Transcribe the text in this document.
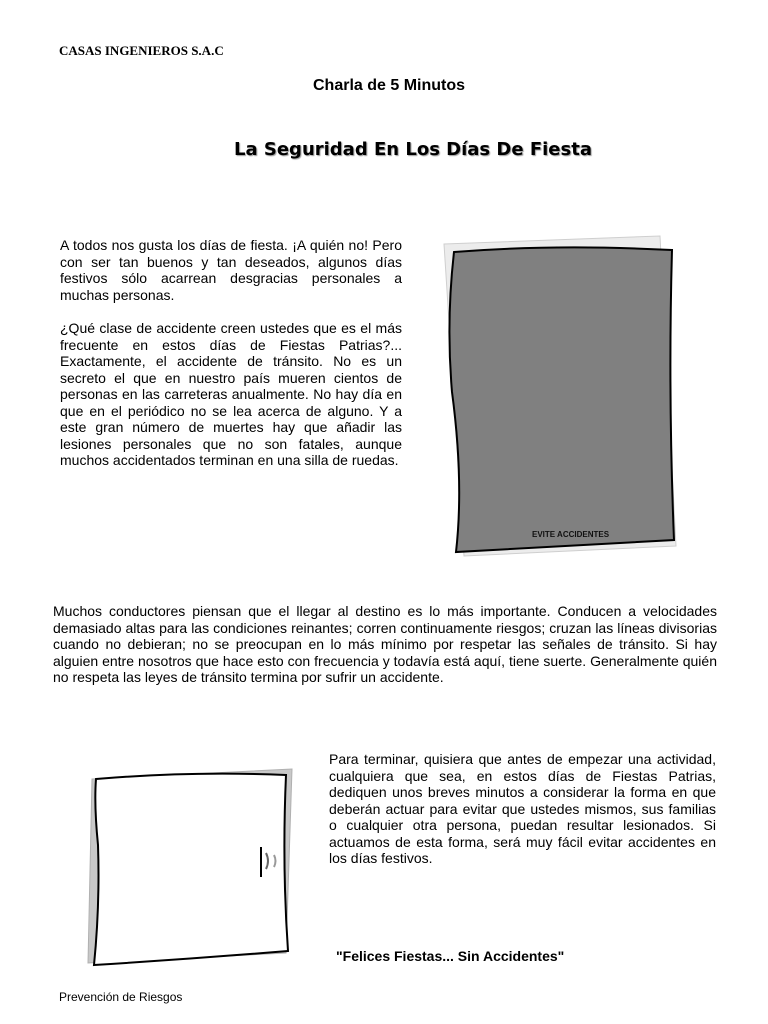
CASAS INGENIEROS S.A.C
Charla de 5 Minutos
La Seguridad En Los Días De Fiesta

A todos nos gusta los días de fiesta. ¡A quién no! Pero con ser tan buenos y tan deseados, algunos días festivos sólo acarrean desgracias personales a muchas personas.

¿Qué clase de accidente creen ustedes que es el más frecuente en estos días de Fiestas Patrias?... Exactamente, el accidente de tránsito. No es un secreto el que en nuestro país mueren cientos de personas en las carreteras anualmente. No hay día en que en el periódico no se lea acerca de alguno. Y a este gran número de muertes hay que añadir las lesiones personales que no son fatales, aunque muchos accidentados terminan en una silla de ruedas.

EVITE ACCIDENTES

Muchos conductores piensan que el llegar al destino es lo más importante. Conducen a velocidades demasiado altas para las condiciones reinantes; corren continuamente riesgos; cruzan las líneas divisorias cuando no debieran; no se preocupan en lo más mínimo por respetar las señales de tránsito. Si hay alguien entre nosotros que hace esto con frecuencia y todavía está aquí, tiene suerte. Generalmente quién no respeta las leyes de tránsito termina por sufrir un accidente.

Para terminar, quisiera que antes de empezar una actividad, cualquiera que sea, en estos días de Fiestas Patrias, dediquen unos breves minutos a considerar la forma en que deberán actuar para evitar que ustedes mismos, sus familias o cualquier otra persona, puedan resultar lesionados. Si actuamos de esta forma, será muy fácil evitar accidentes en los días festivos.

"Felices Fiestas... Sin Accidentes"
Prevención de Riesgos
